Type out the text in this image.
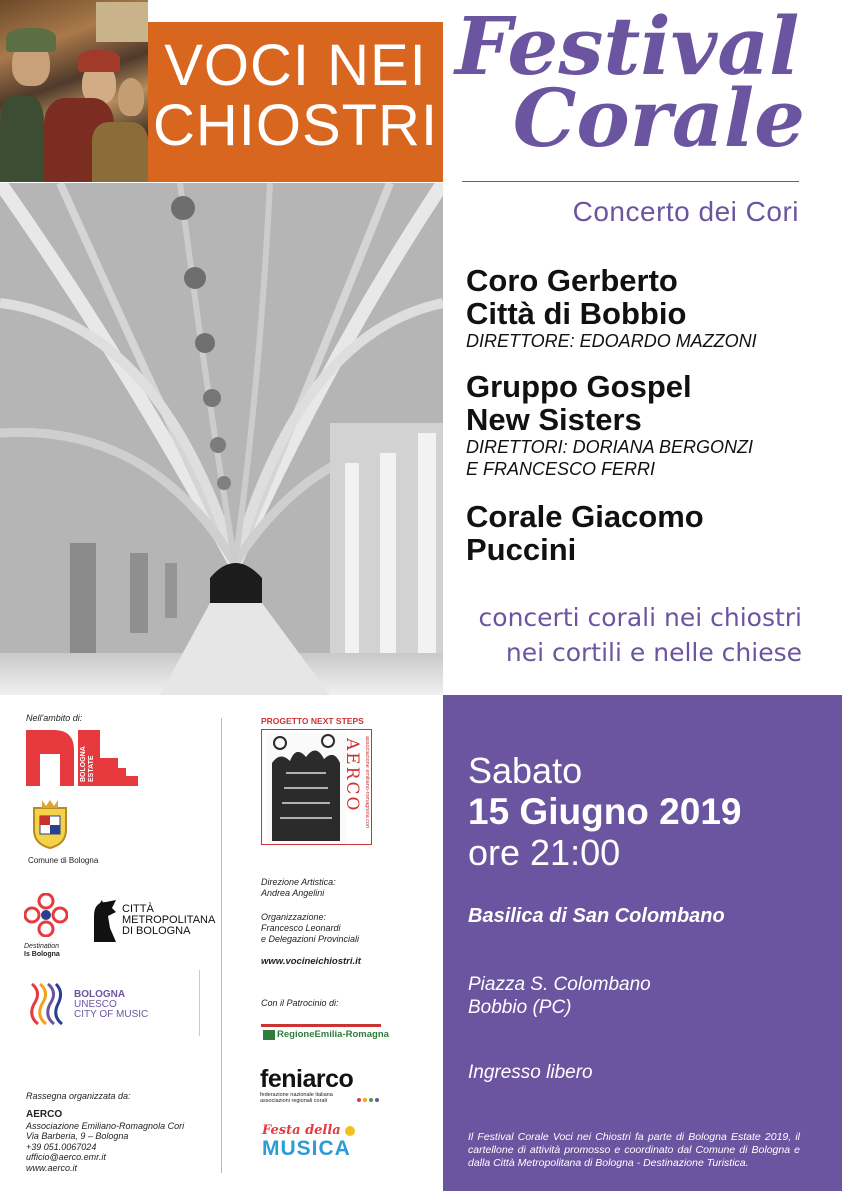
VOCI NEI
CHIOSTRI
Festival
Corale
Concerto dei Cori
Coro Gerberto
Città di Bobbio
DIRETTORE: EDOARDO MAZZONI
Gruppo Gospel
New Sisters
DIRETTORI: DORIANA BERGONZI
E FRANCESCO FERRI
Corale Giacomo
Puccini
concerti corali nei chiostri
nei cortili e nelle chiese
Sabato
15 Giugno 2019
ore 21:00
Basilica di San Colombano
Piazza S. Colombano
Bobbio (PC)
Ingresso libero
Il Festival Corale Voci nei Chiostri fa parte di Bologna Estate 2019, il cartellone di attività promosso e coordinato dal Comune di Bologna e dalla Città Metropolitana di Bologna - Destinazione Turistica.
Nell'ambito di:
BOLOGNA ESTATE
Comune di Bologna
Destination
Is Bologna
CITTÀ
METROPOLITANA
DI BOLOGNA
BOLOGNA
UNESCO
CITY OF MUSIC
Rassegna organizzata da:
AERCO
Associazione Emiliano-Romagnola Cori
Via Barberia, 9 – Bologna
+39 051.0067024
ufficio@aerco.emr.it
www.aerco.it
PROGETTO NEXT STEPS
AERCO associazione emiliano-romagnola cori
Direzione Artistica:
Andrea Angelini
Organizzazione:
Francesco Leonardi
e Delegazioni Provinciali
www.vocineichiostri.it
Con il Patrocinio di:
RegioneEmilia-Romagna
feniarco
federazione nazionale italiana
associazioni regionali corali
Festa della
MUSICA
